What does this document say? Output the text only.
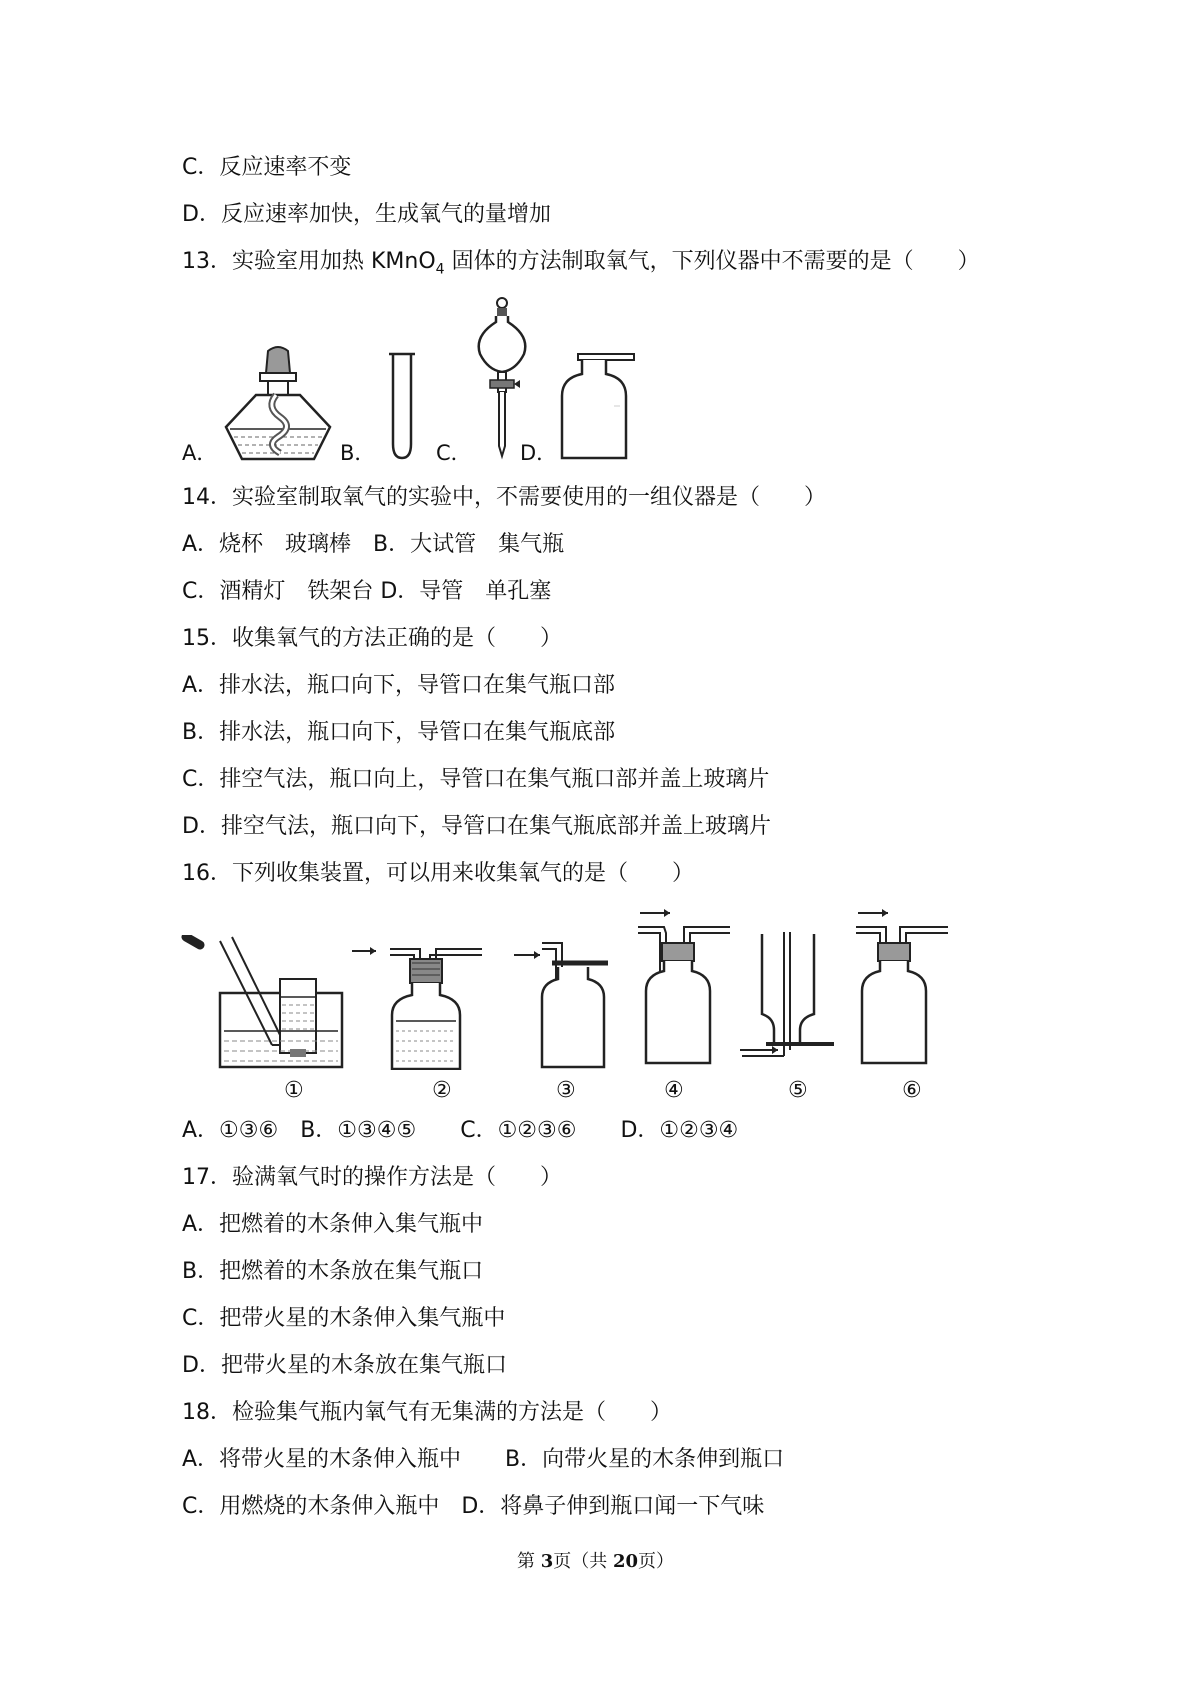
C．反应速率不变
D．反应速率加快，生成氧气的量增加
13．实验室用加热 KMnO$_4$ 固体的方法制取氧气，下列仪器中不需要的是（　　）
A．	B．	C． D．
14．实验室制取氧气的实验中，不需要使用的一组仪器是（　　）
A．烧杯　玻璃棒　B．大试管　集气瓶
C．酒精灯　铁架台 D．导管　单孔塞
15．收集氧气的方法正确的是（　　）
A．排水法，瓶口向下，导管口在集气瓶口部
B．排水法，瓶口向下，导管口在集气瓶底部
C．排空气法，瓶口向上，导管口在集气瓶口部并盖上玻璃片
D．排空气法，瓶口向下，导管口在集气瓶底部并盖上玻璃片
16．下列收集装置，可以用来收集氧气的是（　　）
①	②	③	④	⑤	⑥
A．①③⑥　B．①③④⑤　　C．①②③⑥　　D．①②③④
17．验满氧气时的操作方法是（　　）
A．把燃着的木条伸入集气瓶中
B．把燃着的木条放在集气瓶口
C．把带火星的木条伸入集气瓶中
D．把带火星的木条放在集气瓶口
18．检验集气瓶内氧气有无集满的方法是（　　）
A．将带火星的木条伸入瓶中　　B．向带火星的木条伸到瓶口
C．用燃烧的木条伸入瓶中　D．将鼻子伸到瓶口闻一下气味
第 3页（共 20页）
